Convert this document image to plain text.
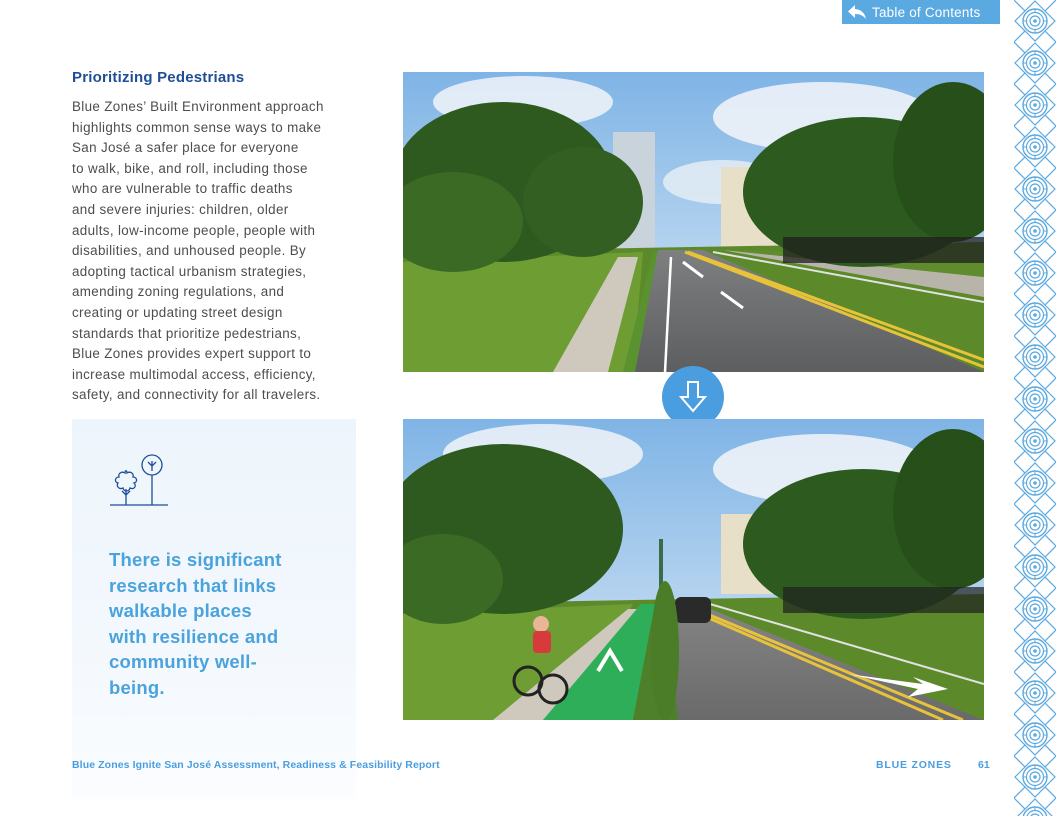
Table of Contents
Prioritizing Pedestrians
Blue Zones’ Built Environment approach
highlights common sense ways to make
San José a safer place for everyone
to walk, bike, and roll, including those
who are vulnerable to traffic deaths
and severe injuries: children, older
adults, low-income people, people with
disabilities, and unhoused people. By
adopting tactical urbanism strategies,
amending zoning regulations, and
creating or updating street design
standards that prioritize pedestrians,
Blue Zones provides expert support to
increase multimodal access, efficiency,
safety, and connectivity for all travelers.
There is significant
research that links
walkable places
with resilience and
community well-
being.
Blue Zones Ignite San José Assessment, Readiness & Feasibility Report	BLUE ZONES	61
